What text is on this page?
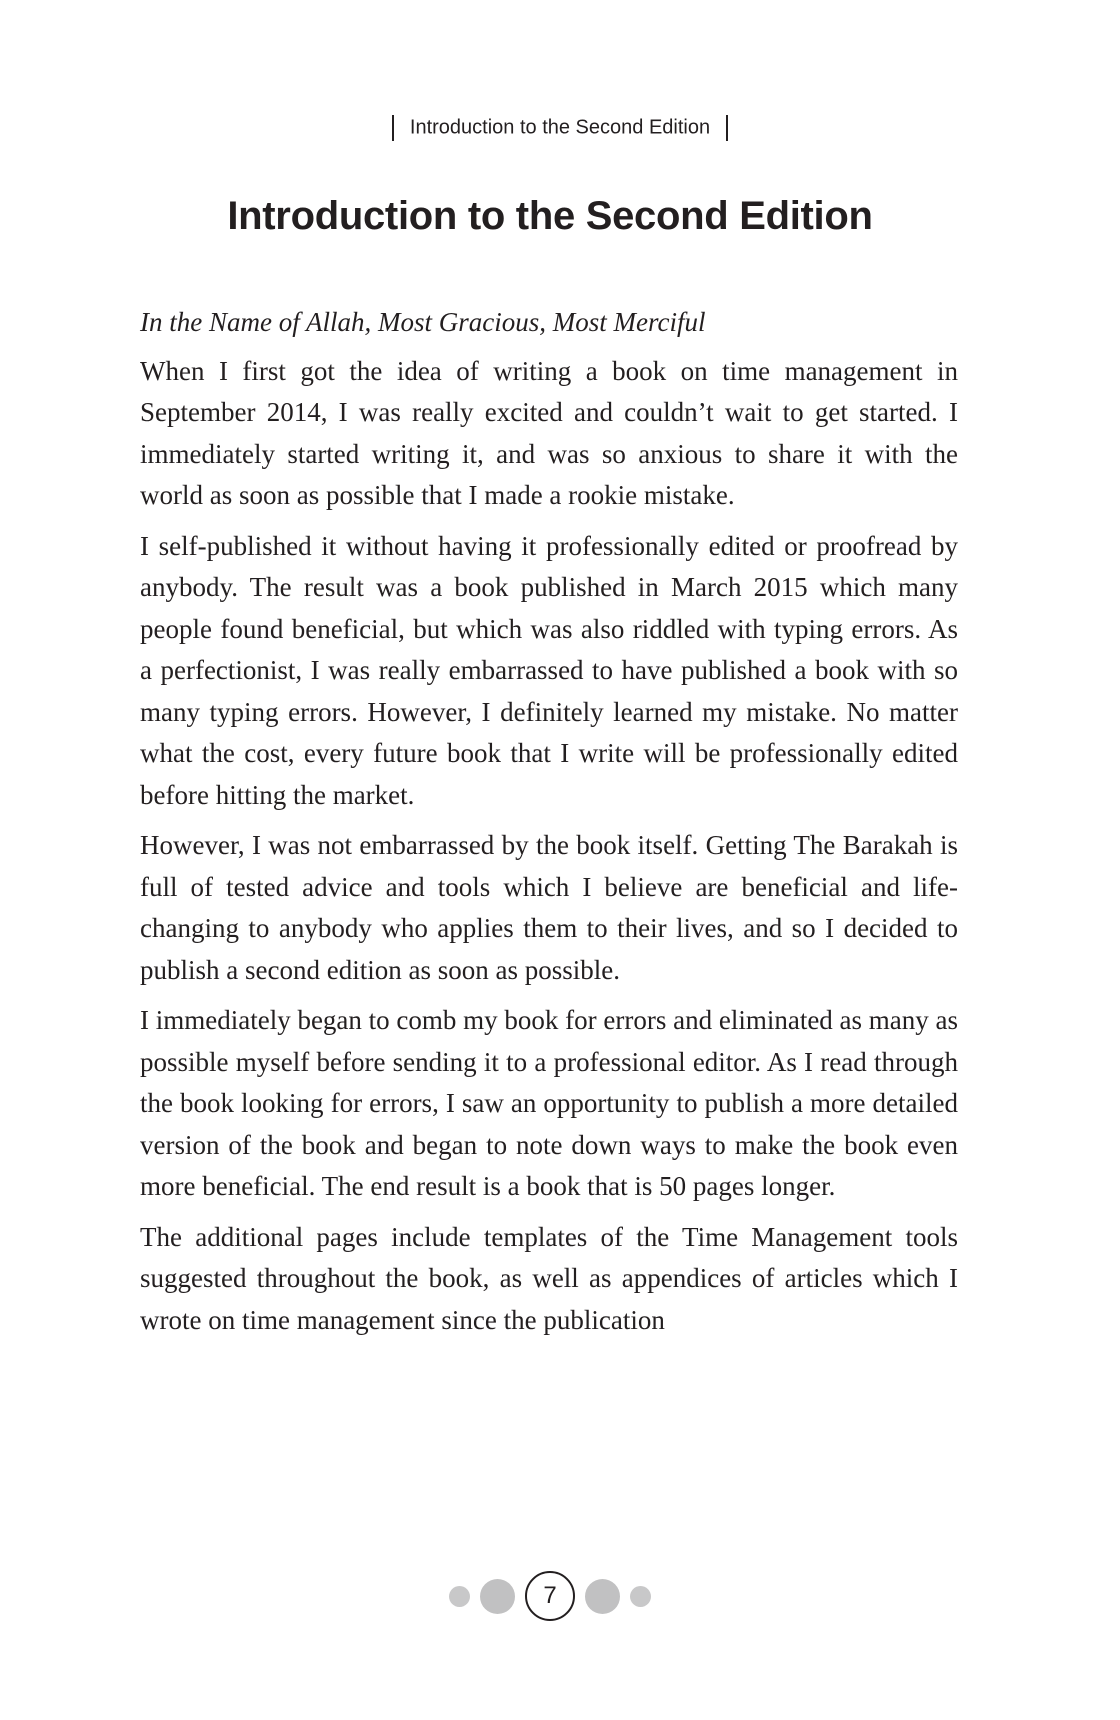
Introduction to the Second Edition
Introduction to the Second Edition

In the Name of Allah, Most Gracious, Most Merciful

When I first got the idea of writing a book on time management in September 2014, I was really excited and couldn’t wait to get started. I immediately started writing it, and was so anxious to share it with the world as soon as possible that I made a rookie mistake.

I self-published it without having it professionally edited or proofread by anybody. The result was a book published in March 2015 which many people found beneficial, but which was also riddled with typing errors. As a perfectionist, I was really embarrassed to have published a book with so many typing errors. However, I definitely learned my mistake. No matter what the cost, every future book that I write will be professionally edited before hitting the market.

However, I was not embarrassed by the book itself. Getting The Barakah is full of tested advice and tools which I believe are beneficial and life-changing to anybody who applies them to their lives, and so I decided to publish a second edition as soon as possible.

I immediately began to comb my book for errors and eliminated as many as possible myself before sending it to a professional editor. As I read through the book looking for errors, I saw an opportunity to publish a more detailed version of the book and began to note down ways to make the book even more beneficial. The end result is a book that is 50 pages longer.

The additional pages include templates of the Time Management tools suggested throughout the book, as well as appendices of articles which I wrote on time management since the publication

7
